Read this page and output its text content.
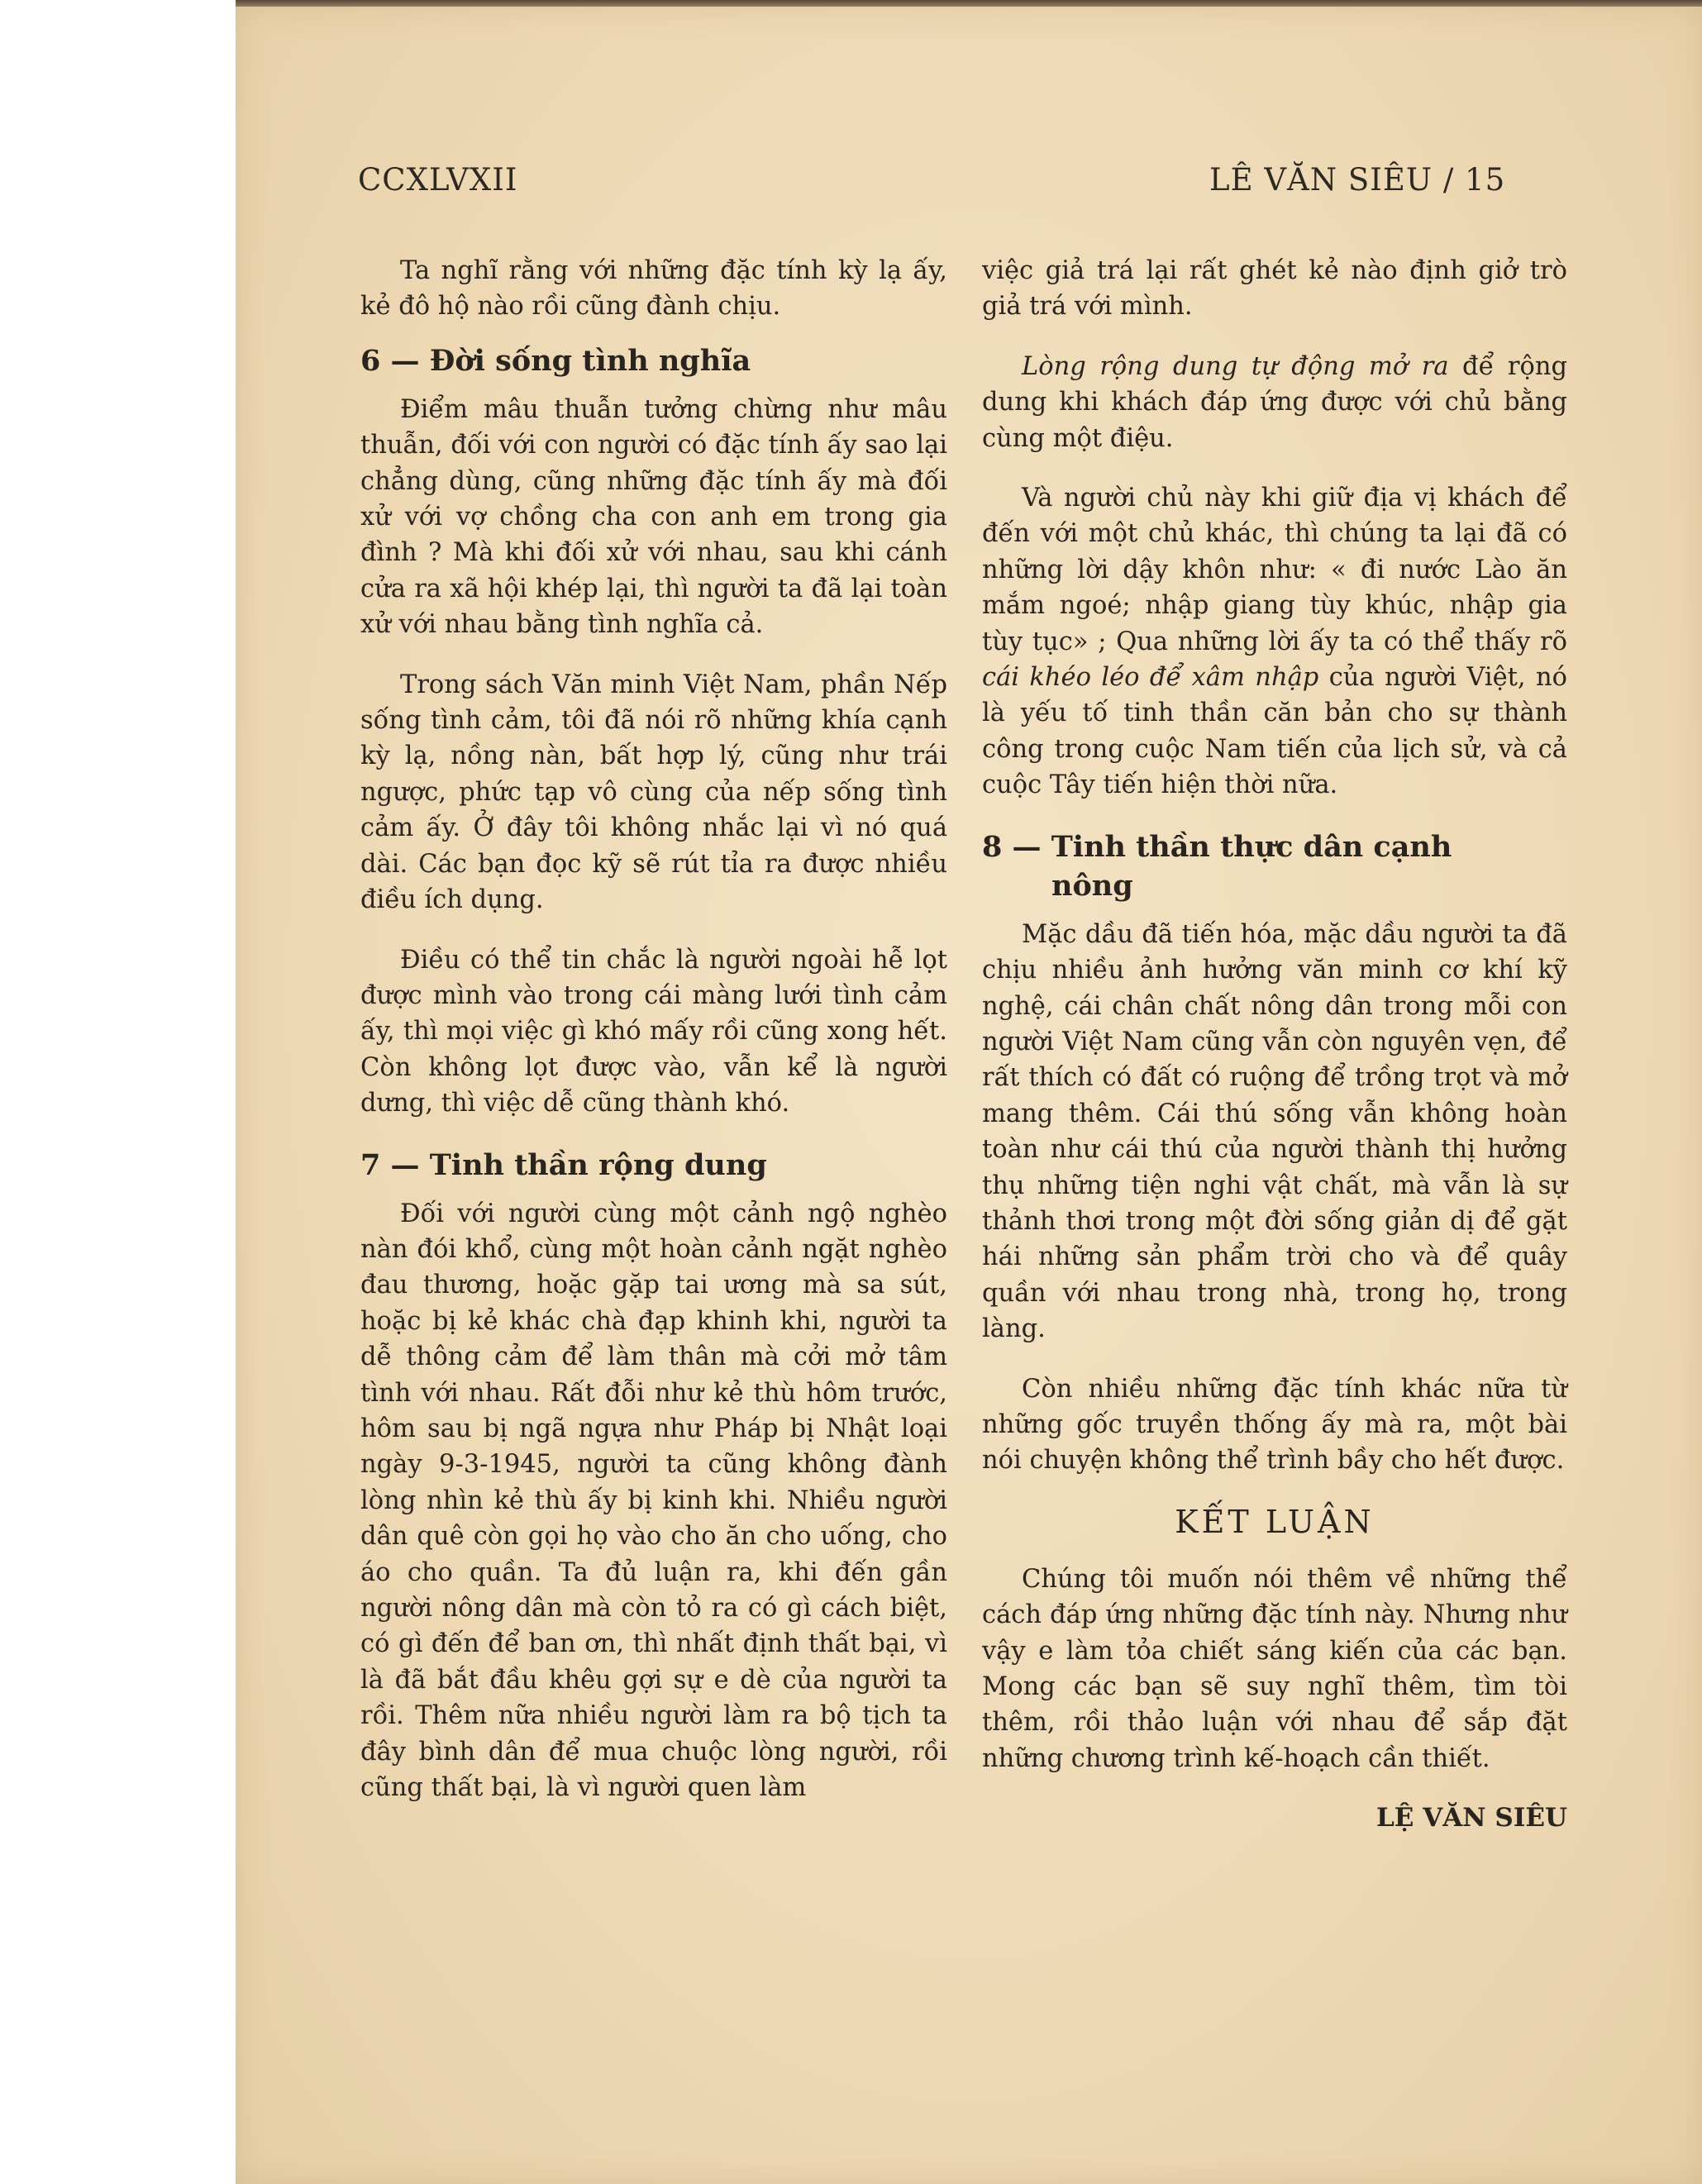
CCXLVXII	LÊ VĂN SIÊU / 15

Ta nghĩ rằng với những đặc tính kỳ lạ ấy, kẻ đô hộ nào rồi cũng đành chịu.

6 — Đời sống tình nghĩa

Điểm mâu thuẫn tưởng chừng như mâu thuẫn, đối với con người có đặc tính ấy sao lại chẳng dùng, cũng những đặc tính ấy mà đối xử với vợ chồng cha con anh em trong gia đình ? Mà khi đối xử với nhau, sau khi cánh cửa ra xã hội khép lại, thì người ta đã lại toàn xử với nhau bằng tình nghĩa cả.

Trong sách Văn minh Việt Nam, phần Nếp sống tình cảm, tôi đã nói rõ những khía cạnh kỳ lạ, nồng nàn, bất hợp lý, cũng như trái ngược, phức tạp vô cùng của nếp sống tình cảm ấy. Ở đây tôi không nhắc lại vì nó quá dài. Các bạn đọc kỹ sẽ rút tỉa ra được nhiều điều ích dụng.

Điều có thể tin chắc là người ngoài hễ lọt được mình vào trong cái màng lưới tình cảm ấy, thì mọi việc gì khó mấy rồi cũng xong hết. Còn không lọt được vào, vẫn kể là người dưng, thì việc dễ cũng thành khó.

7 — Tinh thần rộng dung

Đối với người cùng một cảnh ngộ nghèo nàn đói khổ, cùng một hoàn cảnh ngặt nghèo đau thương, hoặc gặp tai ương mà sa sút, hoặc bị kẻ khác chà đạp khinh khi, người ta dễ thông cảm để làm thân mà cởi mở tâm tình với nhau. Rất đỗi như kẻ thù hôm trước, hôm sau bị ngã ngựa như Pháp bị Nhật loại ngày 9-3-1945, người ta cũng không đành lòng nhìn kẻ thù ấy bị kinh khi. Nhiều người dân quê còn gọi họ vào cho ăn cho uống, cho áo cho quần. Ta đủ luận ra, khi đến gần người nông dân mà còn tỏ ra có gì cách biệt, có gì đến để ban ơn, thì nhất định thất bại, vì là đã bắt đầu khêu gợi sự e dè của người ta rồi. Thêm nữa nhiều người làm ra bộ tịch ta đây bình dân để mua chuộc lòng người, rồi cũng thất bại, là vì người quen làm

việc giả trá lại rất ghét kẻ nào định giở trò giả trá với mình.

Lòng rộng dung tự động mở ra để rộng dung khi khách đáp ứng được với chủ bằng cùng một điệu.

Và người chủ này khi giữ địa vị khách để đến với một chủ khác, thì chúng ta lại đã có những lời dậy khôn như: « đi nước Lào ăn mắm ngoé; nhập giang tùy khúc, nhập gia tùy tục» ; Qua những lời ấy ta có thể thấy rõ cái khéo léo để xâm nhập của người Việt, nó là yếu tố tinh thần căn bản cho sự thành công trong cuộc Nam tiến của lịch sử, và cả cuộc Tây tiến hiện thời nữa.

8 — Tinh thần thực dân cạnh
nông

Mặc dầu đã tiến hóa, mặc dầu người ta đã chịu nhiều ảnh hưởng văn minh cơ khí kỹ nghệ, cái chân chất nông dân trong mỗi con người Việt Nam cũng vẫn còn nguyên vẹn, để rất thích có đất có ruộng để trồng trọt và mở mang thêm. Cái thú sống vẫn không hoàn toàn như cái thú của người thành thị hưởng thụ những tiện nghi vật chất, mà vẫn là sự thảnh thơi trong một đời sống giản dị để gặt hái những sản phẩm trời cho và để quây quần với nhau trong nhà, trong họ, trong làng.

Còn nhiều những đặc tính khác nữa từ những gốc truyền thống ấy mà ra, một bài nói chuyện không thể trình bầy cho hết được.

KẾT LUẬN

Chúng tôi muốn nói thêm về những thể cách đáp ứng những đặc tính này. Nhưng như vậy e làm tỏa chiết sáng kiến của các bạn. Mong các bạn sẽ suy nghĩ thêm, tìm tòi thêm, rồi thảo luận với nhau để sắp đặt những chương trình kế-hoạch cần thiết.

LỆ VĂN SIÊU
